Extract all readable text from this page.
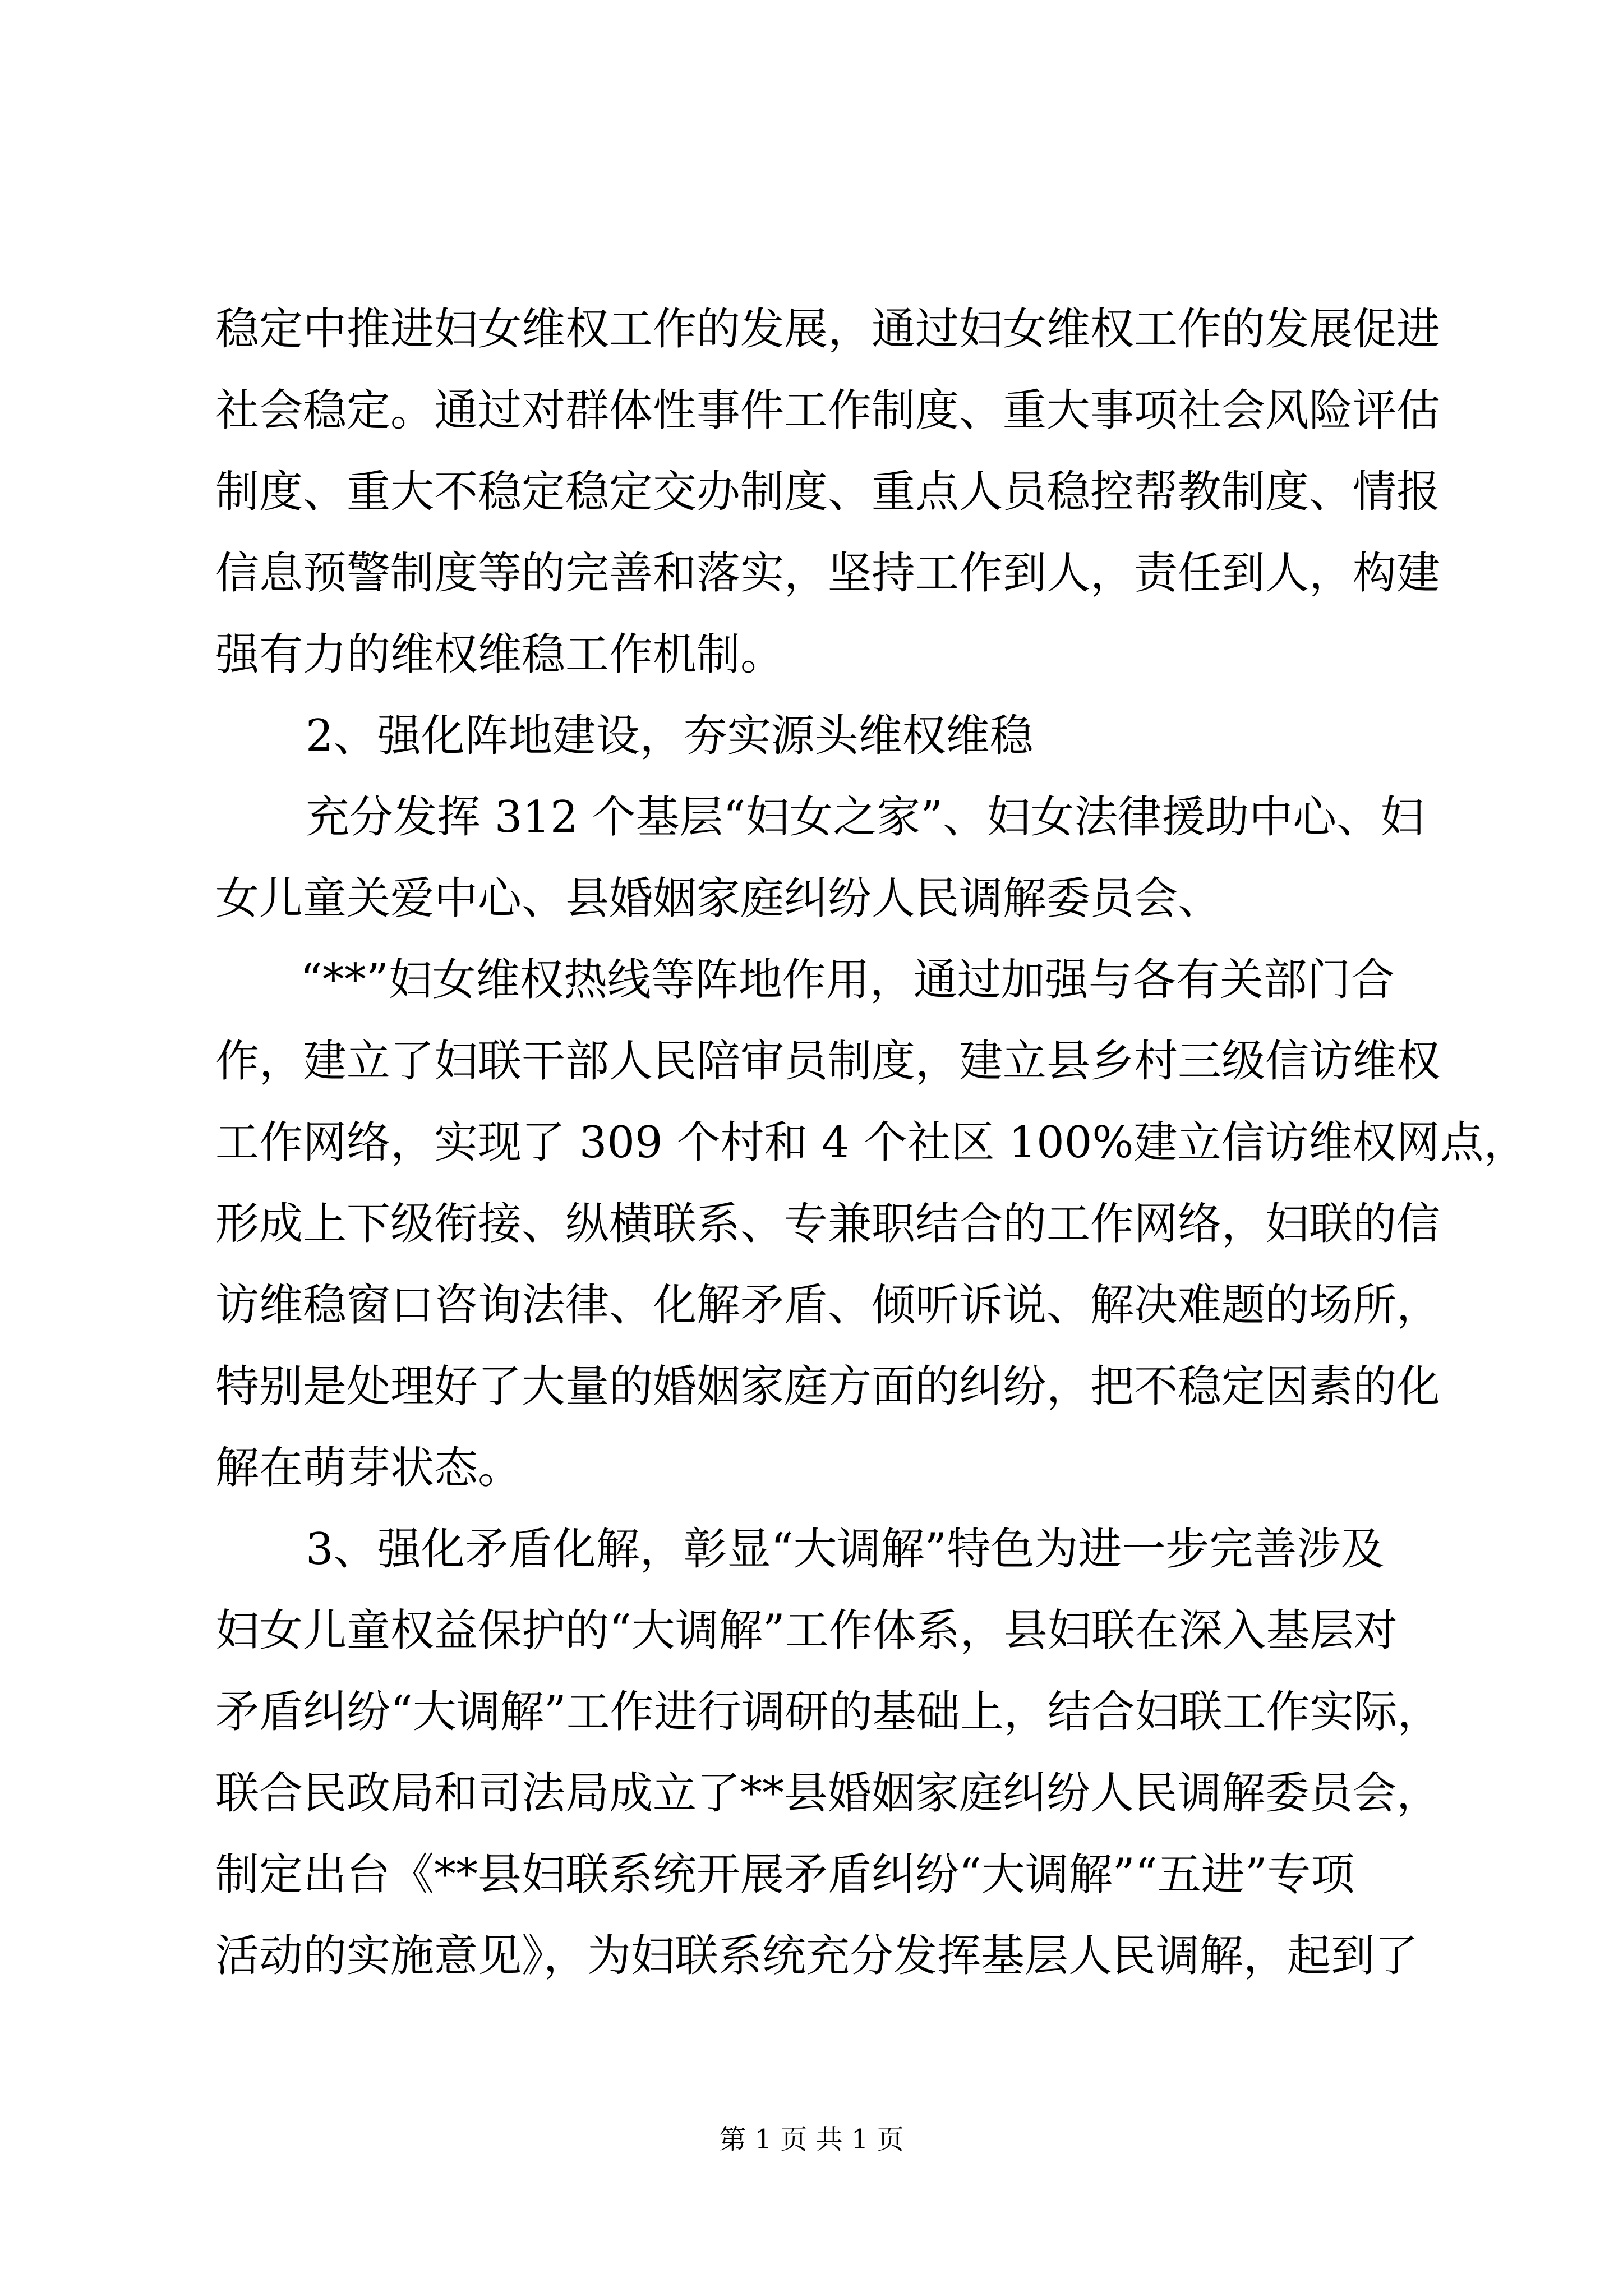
稳定中推进妇女维权工作的发展，通过妇女维权工作的发展促进
社会稳定。通过对群体性事件工作制度、重大事项社会风险评估
制度、重大不稳定稳定交办制度、重点人员稳控帮教制度、情报
信息预警制度等的完善和落实，坚持工作到人，责任到人，构建
强有力的维权维稳工作机制。
2、强化阵地建设，夯实源头维权维稳
充分发挥 312 个基层“妇女之家”、妇女法律援助中心、妇
女儿童关爱中心、县婚姻家庭纠纷人民调解委员会、
“**”妇女维权热线等阵地作用，通过加强与各有关部门合
作，建立了妇联干部人民陪审员制度，建立县乡村三级信访维权
工作网络，实现了 309 个村和 4 个社区 100%建立信访维权网点，
形成上下级衔接、纵横联系、专兼职结合的工作网络，妇联的信
访维稳窗口咨询法律、化解矛盾、倾听诉说、解决难题的场所，
特别是处理好了大量的婚姻家庭方面的纠纷，把不稳定因素的化
解在萌芽状态。
3、强化矛盾化解，彰显“大调解”特色为进一步完善涉及
妇女儿童权益保护的“大调解”工作体系，县妇联在深入基层对
矛盾纠纷“大调解”工作进行调研的基础上，结合妇联工作实际，
联合民政局和司法局成立了**县婚姻家庭纠纷人民调解委员会，
制定出台《**县妇联系统开展矛盾纠纷“大调解”“五进”专项
活动的实施意见》，为妇联系统充分发挥基层人民调解，起到了
第 1 页 共 1 页
